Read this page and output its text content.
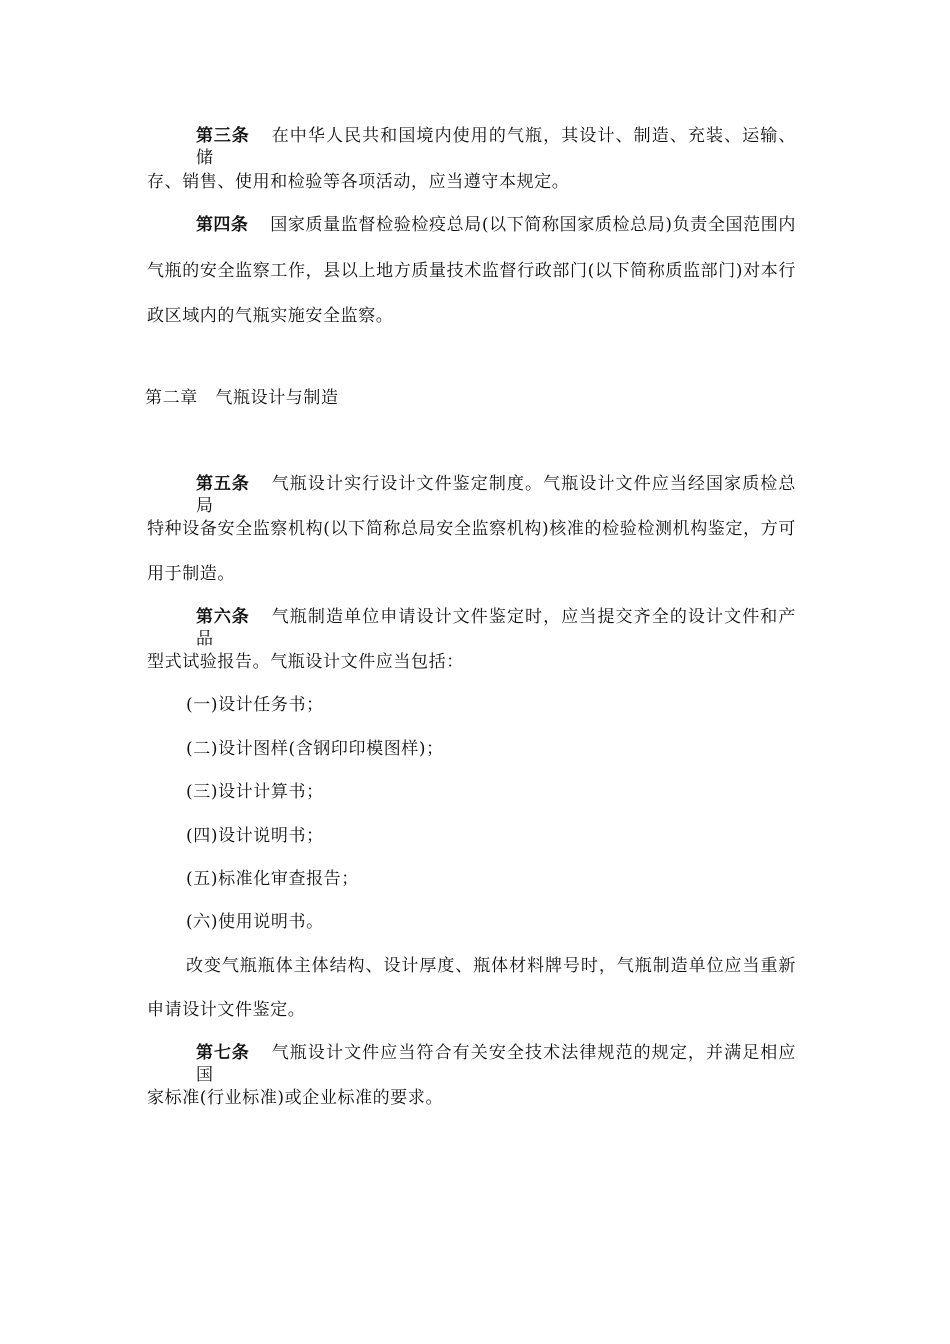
第三条 在中华人民共和国境内使用的气瓶，其设计、制造、充装、运输、储
存、销售、使用和检验等各项活动，应当遵守本规定。
第四条 国家质量监督检验检疫总局(以下简称国家质检总局)负责全国范围内
气瓶的安全监察工作，县以上地方质量技术监督行政部门(以下简称质监部门)对本行
政区域内的气瓶实施安全监察。
第二章　气瓶设计与制造
第五条 气瓶设计实行设计文件鉴定制度。气瓶设计文件应当经国家质检总局
特种设备安全监察机构(以下简称总局安全监察机构)核准的检验检测机构鉴定，方可
用于制造。
第六条 气瓶制造单位申请设计文件鉴定时，应当提交齐全的设计文件和产品
型式试验报告。气瓶设计文件应当包括：
(一)设计任务书；
(二)设计图样(含钢印印模图样)；
(三)设计计算书；
(四)设计说明书；
(五)标准化审查报告；
(六)使用说明书。
改变气瓶瓶体主体结构、设计厚度、瓶体材料牌号时，气瓶制造单位应当重新
申请设计文件鉴定。
第七条 气瓶设计文件应当符合有关安全技术法律规范的规定，并满足相应国
家标准(行业标准)或企业标准的要求。
